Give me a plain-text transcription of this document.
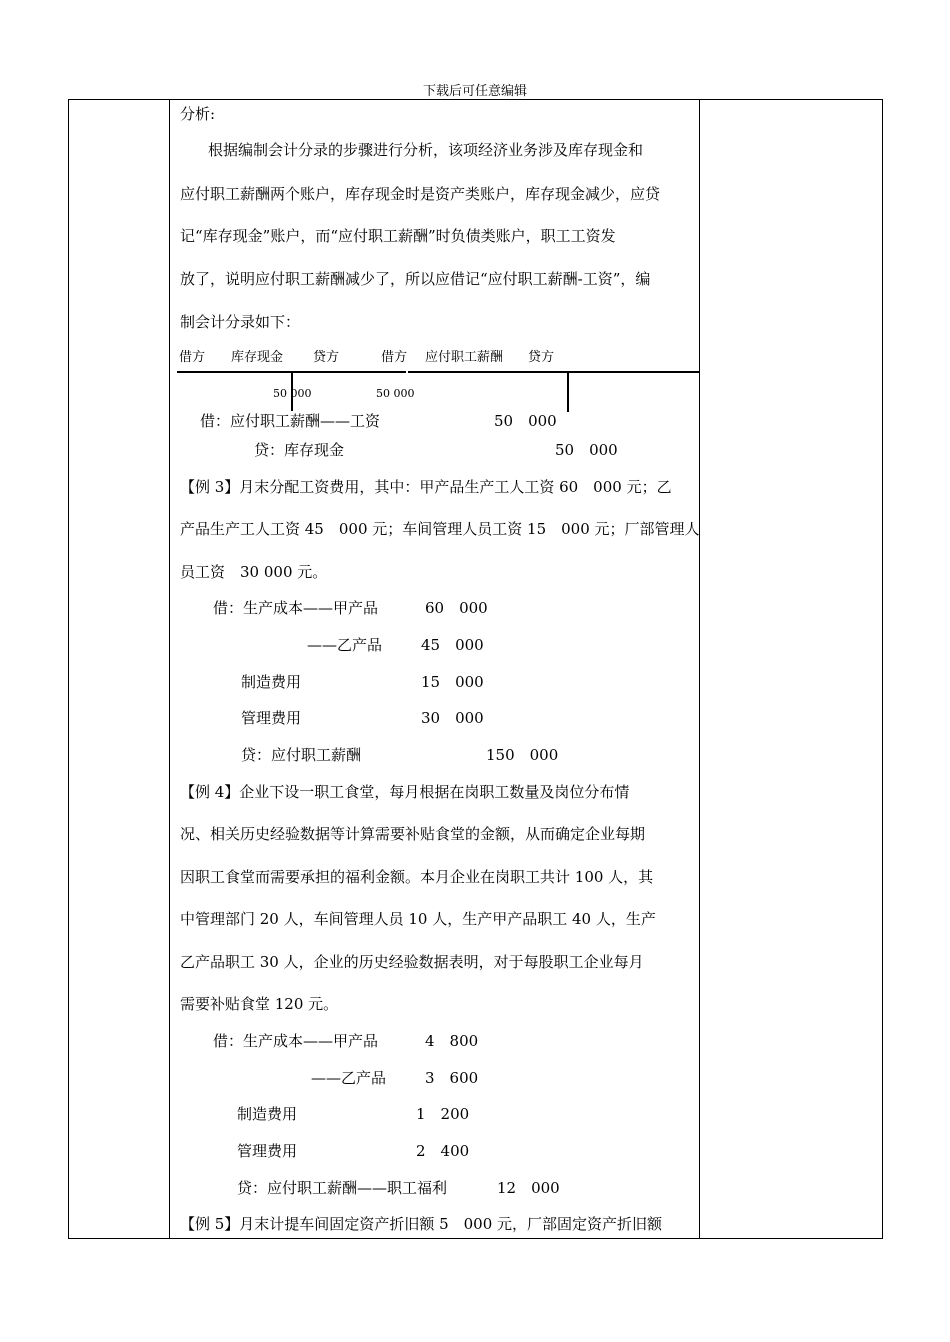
下载后可任意编辑
分析:
根据编制会计分录的步骤进行分析，该项经济业务涉及库存现金和
应付职工薪酬两个账户，库存现金时是资产类账户，库存现金减少，应贷
记“库存现金”账户，而“应付职工薪酬”时负债类账户，职工工资发
放了，说明应付职工薪酬减少了，所以应借记“应付职工薪酬-工资”，编
制会计分录如下：
借方 库存现金 贷方
50 000
借方 应付职工薪酬 贷方
50 000
借：应付职工薪酬——工资	50　000
贷：库存现金	50　000
【例 3】月末分配工资费用，其中：甲产品生产工人工资 60　000 元；乙
产品生产工人工资 45　000 元；车间管理人员工资 15　000 元；厂部管理人
员工资　30 000 元。
借：生产成本——甲产品	60　000
——乙产品	45　000
制造费用	15　000
管理费用	30　000
贷：应付职工薪酬	150　000
【例 4】企业下设一职工食堂，每月根据在岗职工数量及岗位分布情
况、相关历史经验数据等计算需要补贴食堂的金额，从而确定企业每期
因职工食堂而需要承担的福利金额。本月企业在岗职工共计 100 人，其
中管理部门 20 人，车间管理人员 10 人，生产甲产品职工 40 人，生产
乙产品职工 30 人，企业的历史经验数据表明，对于每股职工企业每月
需要补贴食堂 120 元。
借：生产成本——甲产品	4　800
——乙产品	3　600
制造费用	1　200
管理费用	2　400
贷：应付职工薪酬——职工福利	12　000
【例 5】月末计提车间固定资产折旧额 5　000 元，厂部固定资产折旧额
